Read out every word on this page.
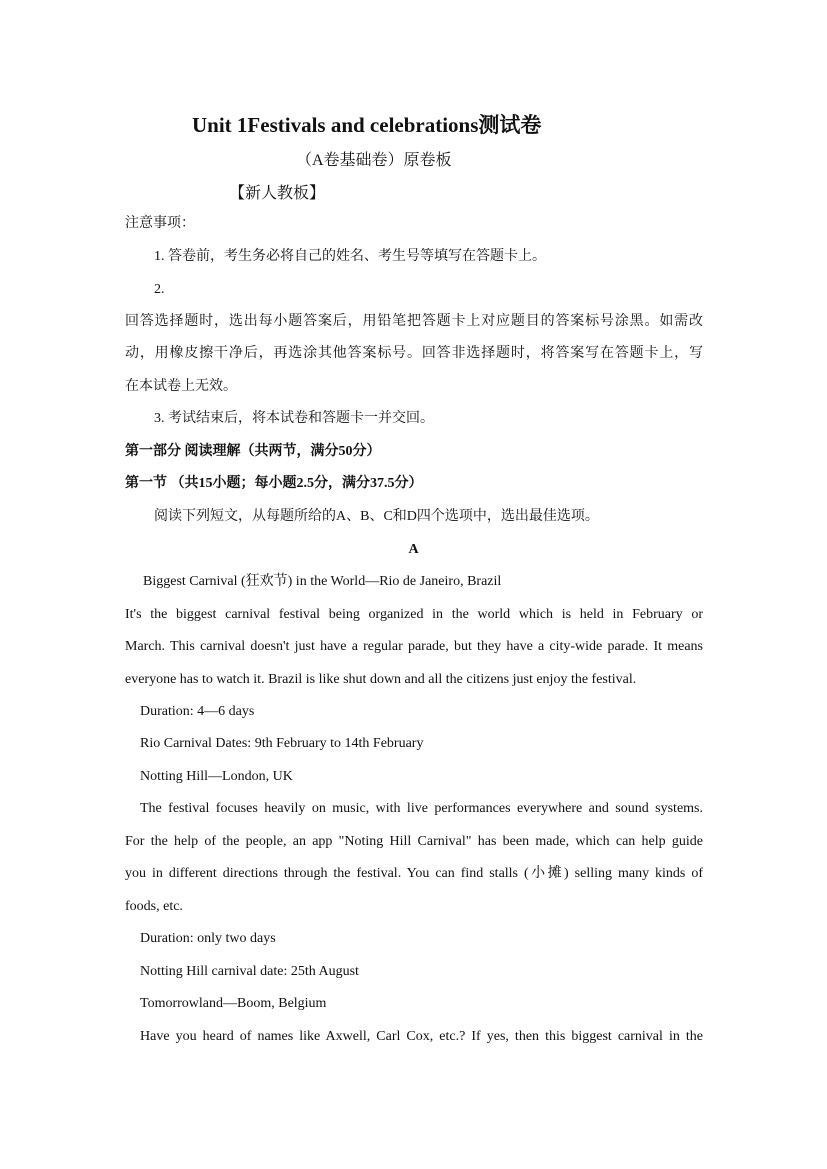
Unit 1Festivals and celebrations测试卷
（A卷基础卷）原卷板
【新人教板】
注意事项：
1. 答卷前，考生务必将自己的姓名、考生号等填写在答题卡上。
2.
回答选择题时，选出每小题答案后，用铅笔把答题卡上对应题目的答案标号涂黑。如需改
动，用橡皮擦干净后，再选涂其他答案标号。回答非选择题时，将答案写在答题卡上，写
在本试卷上无效。
3. 考试结束后，将本试卷和答题卡一并交回。
第一部分 阅读理解（共两节，满分50分）
第一节 （共15小题；每小题2.5分，满分37.5分）
阅读下列短文，从每题所给的A、B、C和D四个选项中，选出最佳选项。
A
Biggest Carnival (狂欢节) in the World—Rio de Janeiro, Brazil
It's the biggest carnival festival being organized in the world which is held in February or
March. This carnival doesn't just have a regular parade, but they have a city-wide parade. It means
everyone has to watch it. Brazil is like shut down and all the citizens just enjoy the festival.
Duration: 4—6 days
Rio Carnival Dates: 9th February to 14th February
Notting Hill—London, UK
The festival focuses heavily on music, with live performances everywhere and sound systems.
For the help of the people, an app "Noting Hill Carnival" has been made, which can help guide
you in different directions through the festival. You can find stalls (小摊) selling many kinds of
foods, etc.
Duration: only two days
Notting Hill carnival date: 25th August
Tomorrowland—Boom, Belgium
Have you heard of names like Axwell, Carl Cox, etc.? If yes, then this biggest carnival in the
